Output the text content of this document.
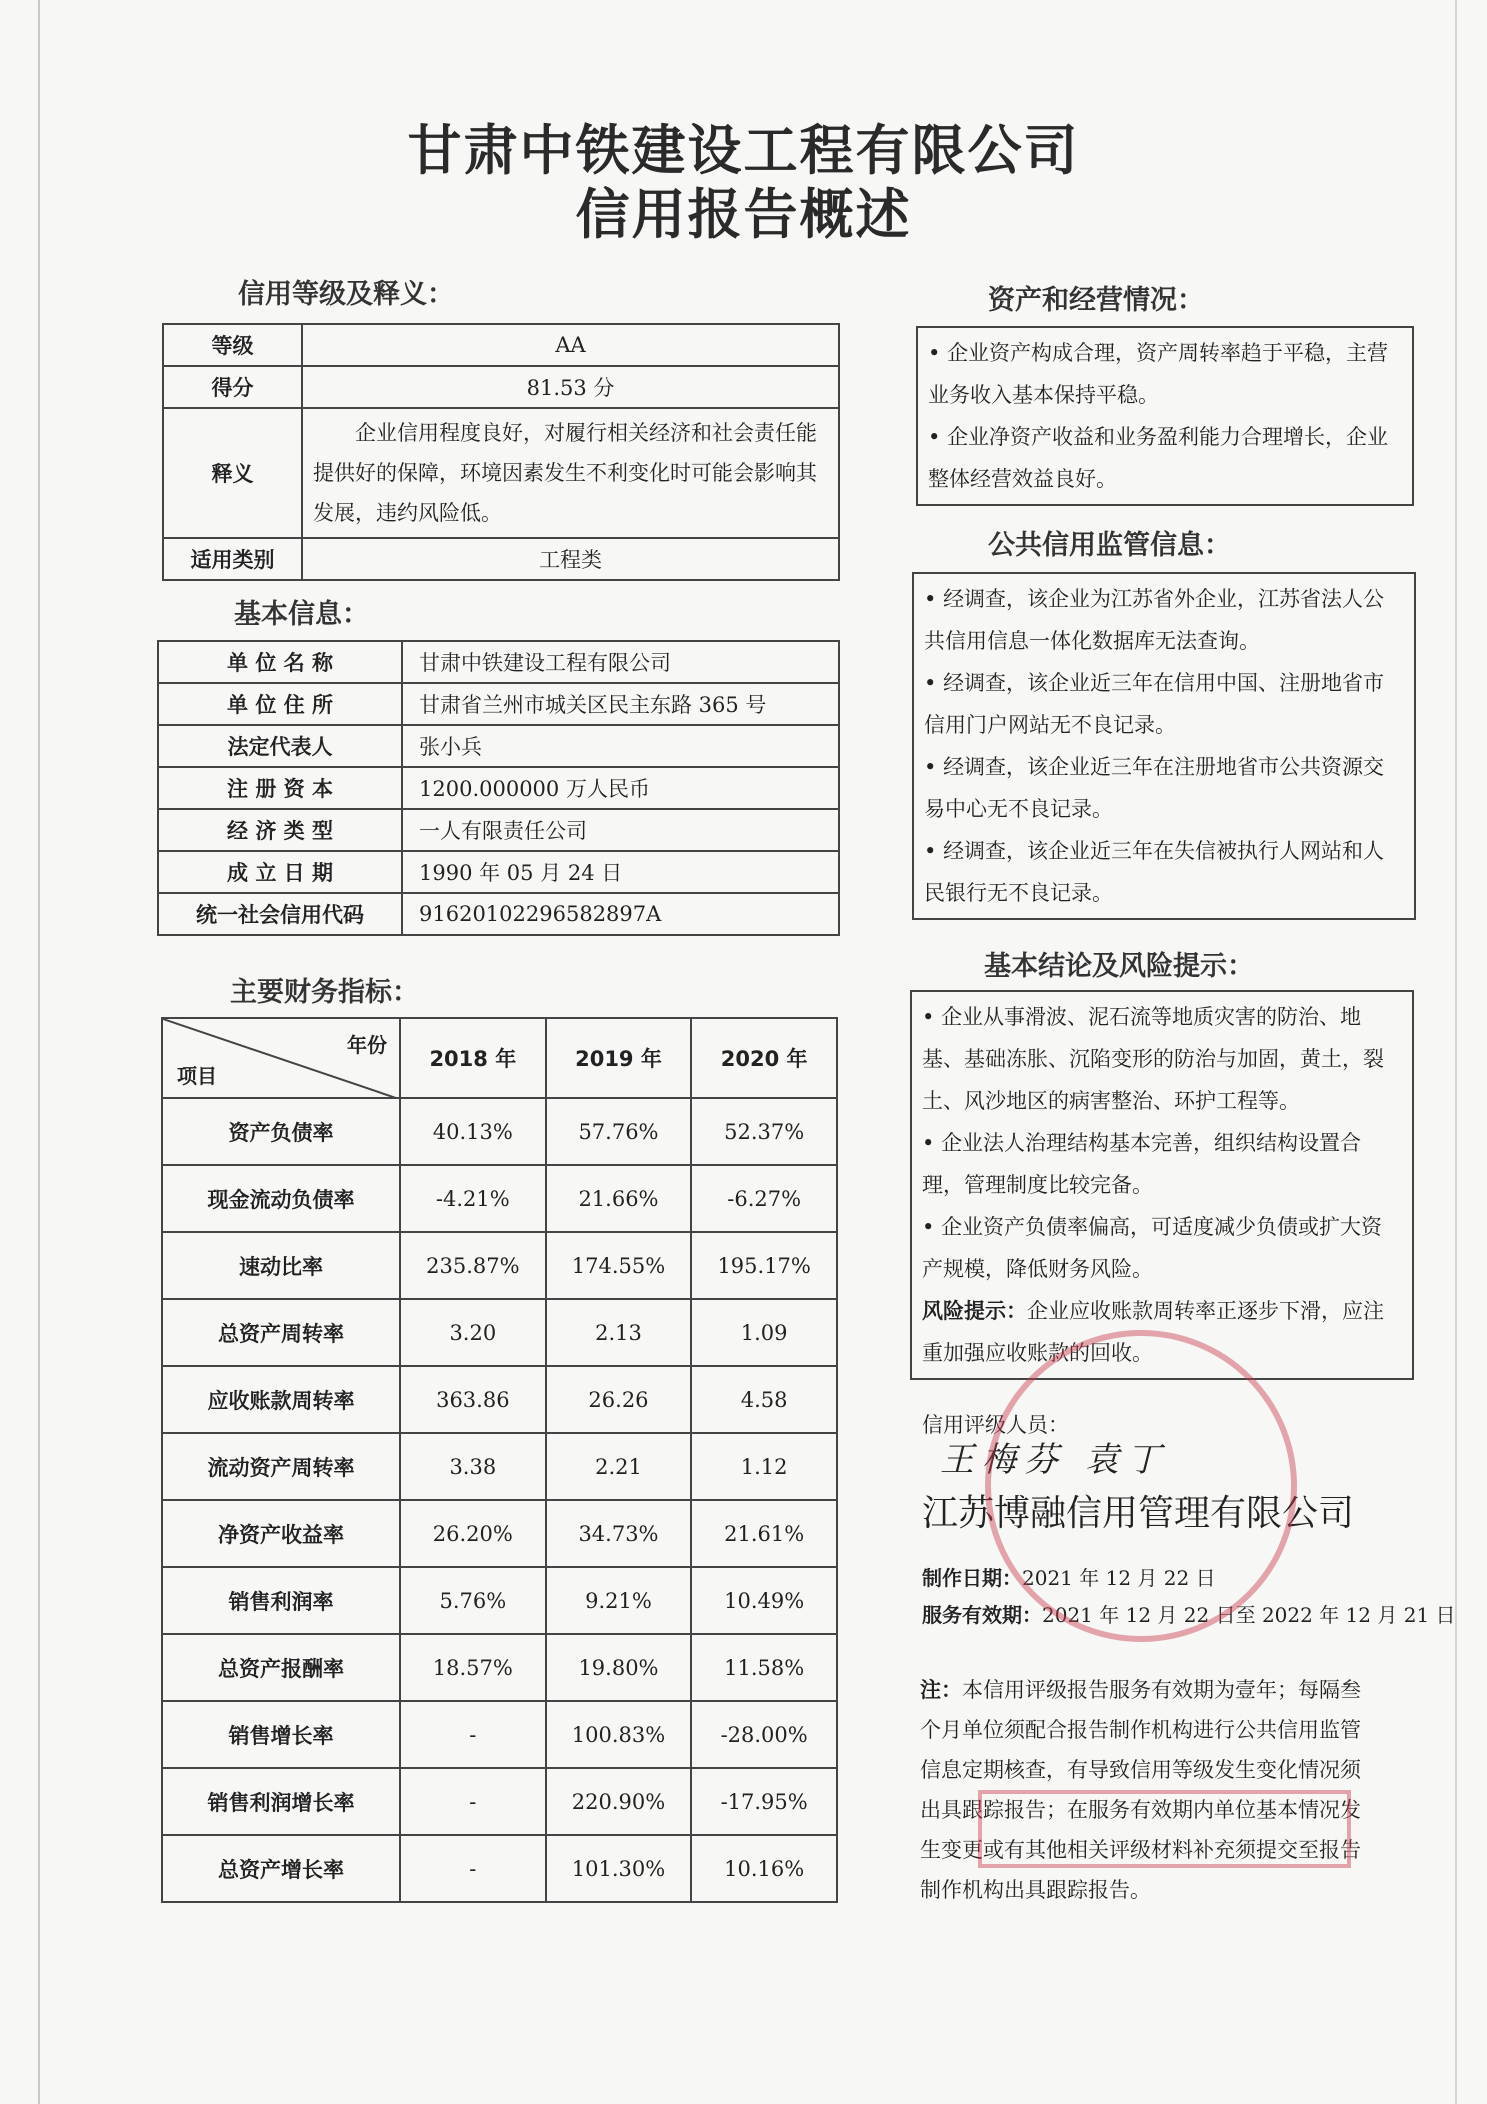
甘肃中铁建设工程有限公司
信用报告概述
信用等级及释义：
等级	AA
得分	81.53 分
释义	企业信用程度良好，对履行相关经济和社会责任能提供好的保障，环境因素发生不利变化时可能会影响其发展，违约风险低。
适用类别	工程类
基本信息：
单 位 名 称	甘肃中铁建设工程有限公司
单 位 住 所	甘肃省兰州市城关区民主东路 365 号
法定代表人	张小兵
注 册 资 本	1200.000000 万人民币
经 济 类 型	一人有限责任公司
成 立 日 期	1990 年 05 月 24 日
统一社会信用代码	91620102296582897A
主要财务指标：
年份
项目	2018 年	2019 年	2020 年
资产负债率	40.13%	57.76%	52.37%
现金流动负债率	-4.21%	21.66%	-6.27%
速动比率	235.87%	174.55%	195.17%
总资产周转率	3.20	2.13	1.09
应收账款周转率	363.86	26.26	4.58
流动资产周转率	3.38	2.21	1.12
净资产收益率	26.20%	34.73%	21.61%
销售利润率	5.76%	9.21%	10.49%
总资产报酬率	18.57%	19.80%	11.58%
销售增长率	-	100.83%	-28.00%
销售利润增长率	-	220.90%	-17.95%
总资产增长率	-	101.30%	10.16%
资产和经营情况：

• 企业资产构成合理，资产周转率趋于平稳，主营业务收入基本保持平稳。

• 企业净资产收益和业务盈利能力合理增长，企业整体经营效益良好。

公共信用监管信息：

• 经调查，该企业为江苏省外企业，江苏省法人公共信用信息一体化数据库无法查询。

• 经调查，该企业近三年在信用中国、注册地省市信用门户网站无不良记录。

• 经调查，该企业近三年在注册地省市公共资源交易中心无不良记录。

• 经调查，该企业近三年在失信被执行人网站和人民银行无不良记录。

基本结论及风险提示：

• 企业从事滑波、泥石流等地质灾害的防治、地基、基础冻胀、沉陷变形的防治与加固，黄土，裂土、风沙地区的病害整治、环护工程等。

• 企业法人治理结构基本完善，组织结构设置合理，管理制度比较完备。

• 企业资产负债率偏高，可适度减少负债或扩大资产规模，降低财务风险。

风险提示：企业应收账款周转率正逐步下滑，应注重加强应收账款的回收。

信用评级人员：
王梅芬 袁丁
江苏博融信用管理有限公司
制作日期：2021 年 12 月 22 日
服务有效期：2021 年 12 月 22 日至 2022 年 12 月 21 日
注：本信用评级报告服务有效期为壹年；每隔叁个月单位须配合报告制作机构进行公共信用监管信息定期核查，有导致信用等级发生变化情况须出具跟踪报告；在服务有效期内单位基本情况发生变更或有其他相关评级材料补充须提交至报告制作机构出具跟踪报告。
